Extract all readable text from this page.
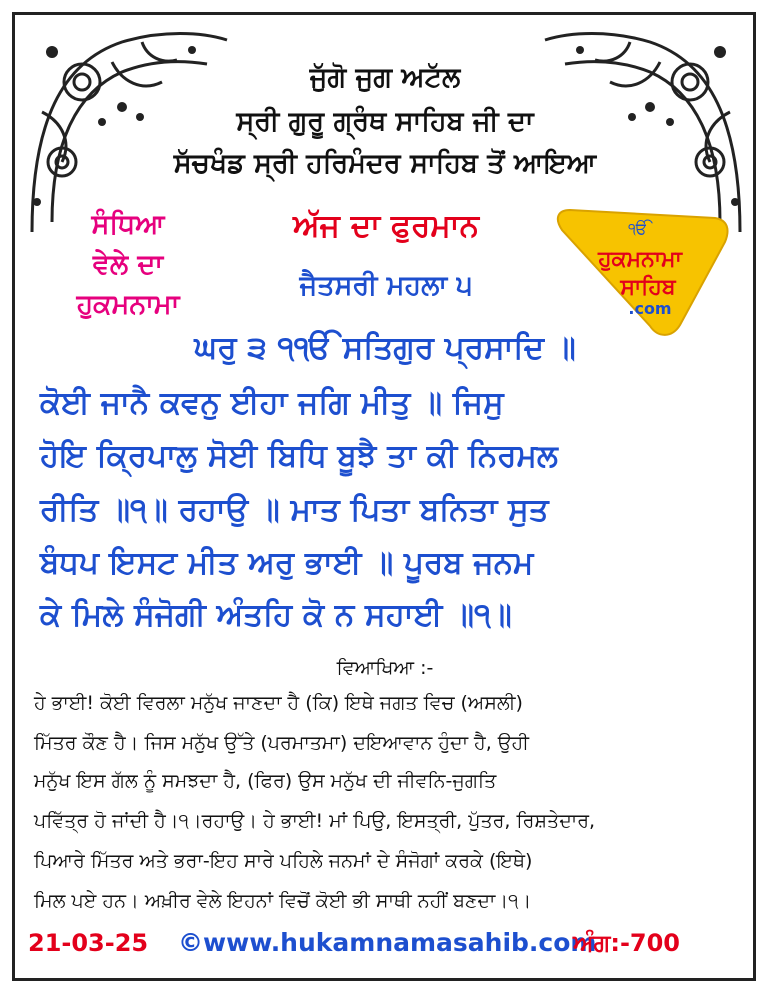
ਜੁੱਗੋ ਜੁਗ ਅਟੱਲ
ਸ੍ਰੀ ਗੁਰੂ ਗ੍ਰੰਥ ਸਾਹਿਬ ਜੀ ਦਾ
ਸੱਚਖੰਡ ਸ੍ਰੀ ਹਰਿਮੰਦਰ ਸਾਹਿਬ ਤੋਂ ਆਇਆ
ਸੰਧਿਆ
ਵੇਲੇ ਦਾ
ਹੁਕਮਨਾਮਾ
ਅੱਜ ਦਾ ਫੁਰਮਾਨ
ਜੈਤਸਰੀ ਮਹਲਾ ੫
ੴ
ਹੁਕਮਨਾਮਾ
ਸਾਹਿਬ
.com
ਘਰੁ ੩ ੧ੴ ਸਤਿਗੁਰ ਪ੍ਰਸਾਦਿ ॥
ਕੋਈ ਜਾਨੈ ਕਵਨੁ ਈਹਾ ਜਗਿ ਮੀਤੁ ॥ ਜਿਸੁ
ਹੋਇ ਕ੍ਰਿਪਾਲੁ ਸੋਈ ਬਿਧਿ ਬੂਝੈ ਤਾ ਕੀ ਨਿਰਮਲ
ਰੀਤਿ ॥੧॥ ਰਹਾਉ ॥ ਮਾਤ ਪਿਤਾ ਬਨਿਤਾ ਸੁਤ
ਬੰਧਪ ਇਸਟ ਮੀਤ ਅਰੁ ਭਾਈ ॥ ਪੂਰਬ ਜਨਮ
ਕੇ ਮਿਲੇ ਸੰਜੋਗੀ ਅੰਤਹਿ ਕੋ ਨ ਸਹਾਈ ॥੧॥
ਵਿਆਖਿਆ :-
ਹੇ ਭਾਈ! ਕੋਈ ਵਿਰਲਾ ਮਨੁੱਖ ਜਾਣਦਾ ਹੈ (ਕਿ) ਇਥੇ ਜਗਤ ਵਿਚ (ਅਸਲੀ)
ਮਿੱਤਰ ਕੌਣ ਹੈ। ਜਿਸ ਮਨੁੱਖ ਉੱਤੇ (ਪਰਮਾਤਮਾ) ਦਇਆਵਾਨ ਹੁੰਦਾ ਹੈ, ਉਹੀ
ਮਨੁੱਖ ਇਸ ਗੱਲ ਨੂੰ ਸਮਝਦਾ ਹੈ, (ਫਿਰ) ਉਸ ਮਨੁੱਖ ਦੀ ਜੀਵਨਿ-ਜੁਗਤਿ
ਪਵਿੱਤ੍ਰ ਹੋ ਜਾਂਦੀ ਹੈ।੧।ਰਹਾਉ। ਹੇ ਭਾਈ! ਮਾਂ ਪਿਉ, ਇਸਤ੍ਰੀ, ਪੁੱਤਰ, ਰਿਸ਼ਤੇਦਾਰ,
ਪਿਆਰੇ ਮਿੱਤਰ ਅਤੇ ਭਰਾ-ਇਹ ਸਾਰੇ ਪਹਿਲੇ ਜਨਮਾਂ ਦੇ ਸੰਜੋਗਾਂ ਕਰਕੇ (ਇਥੇ)
ਮਿਲ ਪਏ ਹਨ। ਅਖ਼ੀਰ ਵੇਲੇ ਇਹਨਾਂ ਵਿਚੋਂ ਕੋਈ ਭੀ ਸਾਥੀ ਨਹੀਂ ਬਣਦਾ।੧।
21-03-25 ©www.hukamnamasahib.com
ਅੰਗ:-700
